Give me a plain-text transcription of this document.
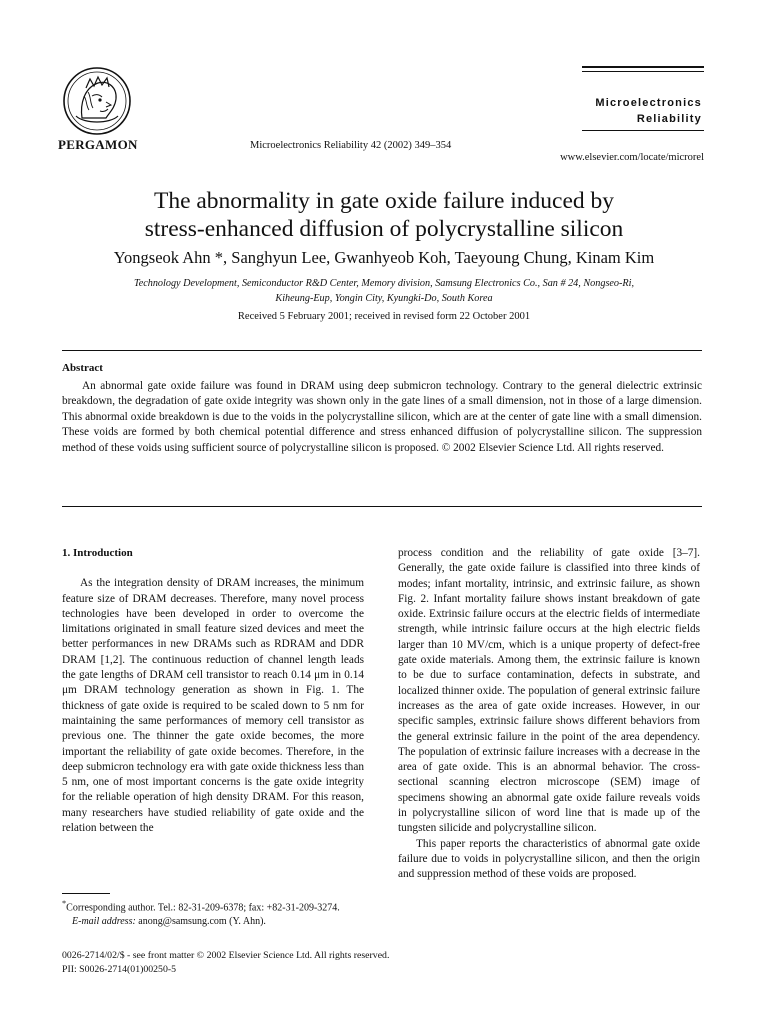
PERGAMON	Microelectronics Reliability 42 (2002) 349–354
Microelectronics
Reliability
www.elsevier.com/locate/microrel
The abnormality in gate oxide failure induced by
stress-enhanced diffusion of polycrystalline silicon
Yongseok Ahn *, Sanghyun Lee, Gwanhyeob Koh, Taeyoung Chung, Kinam Kim
Technology Development, Semiconductor R&D Center, Memory division, Samsung Electronics Co., San # 24, Nongseo-Ri,
Kiheung-Eup, Yongin City, Kyungki-Do, South Korea
Received 5 February 2001; received in revised form 22 October 2001
Abstract
An abnormal gate oxide failure was found in DRAM using deep submicron technology. Contrary to the general dielectric extrinsic breakdown, the degradation of gate oxide integrity was shown only in the gate lines of a small dimension, not in those of a large dimension. This abnormal oxide breakdown is due to the voids in the polycrystalline silicon, which are at the center of gate line with a small dimension. These voids are formed by both chemical potential difference and stress enhanced diffusion of polycrystalline silicon. The suppression method of these voids using sufficient source of polycrystalline silicon is proposed. © 2002 Elsevier Science Ltd. All rights reserved.
1. Introduction

As the integration density of DRAM increases, the minimum feature size of DRAM decreases. Therefore, many novel process technologies have been developed in order to overcome the limitations originated in small feature sized devices and meet the better performances in new DRAMs such as RDRAM and DDR DRAM [1,2]. The continuous reduction of channel length leads the gate lengths of DRAM cell transistor to reach 0.14 μm in 0.14 μm DRAM technology generation as shown in Fig. 1. The thickness of gate oxide is required to be scaled down to 5 nm for maintaining the same performances of memory cell transistor as previous one. The thinner the gate oxide becomes, the more important the reliability of gate oxide becomes. Therefore, in the deep submicron technology era with gate oxide thickness less than 5 nm, one of most important concerns is the gate oxide integrity for the reliable operation of high density DRAM. For this reason, many researchers have studied reliability of gate oxide and the relation between the

process condition and the reliability of gate oxide [3–7]. Generally, the gate oxide failure is classified into three kinds of modes; infant mortality, intrinsic, and extrinsic failure, as shown Fig. 2. Infant mortality failure shows instant breakdown of gate oxide. Extrinsic failure occurs at the electric fields of intermediate strength, while intrinsic failure occurs at the high electric fields larger than 10 MV/cm, which is a unique property of defect-free gate oxide materials. Among them, the extrinsic failure is known to be due to surface contamination, defects in substrate, and localized thinner oxide. The population of general extrinsic failure increases as the area of gate oxide increases. However, in our specific samples, extrinsic failure shows different behaviors from the general extrinsic failure in the point of the area dependency. The population of extrinsic failure increases with a decrease in the area of gate oxide. This is an abnormal behavior. The cross-sectional scanning electron microscope (SEM) image of specimens showing an abnormal gate oxide failure reveals voids in polycrystalline silicon of word line that is made up of the tungsten silicide and polycrystalline silicon.

This paper reports the characteristics of abnormal gate oxide failure due to voids in polycrystalline silicon, and then the origin and suppression method of these voids are proposed.

*Corresponding author. Tel.: 82-31-209-6378; fax: +82-31-209-3274.
E-mail address: anong@samsung.com (Y. Ahn).
0026-2714/02/$ - see front matter © 2002 Elsevier Science Ltd. All rights reserved.
PII: S0026-2714(01)00250-5
